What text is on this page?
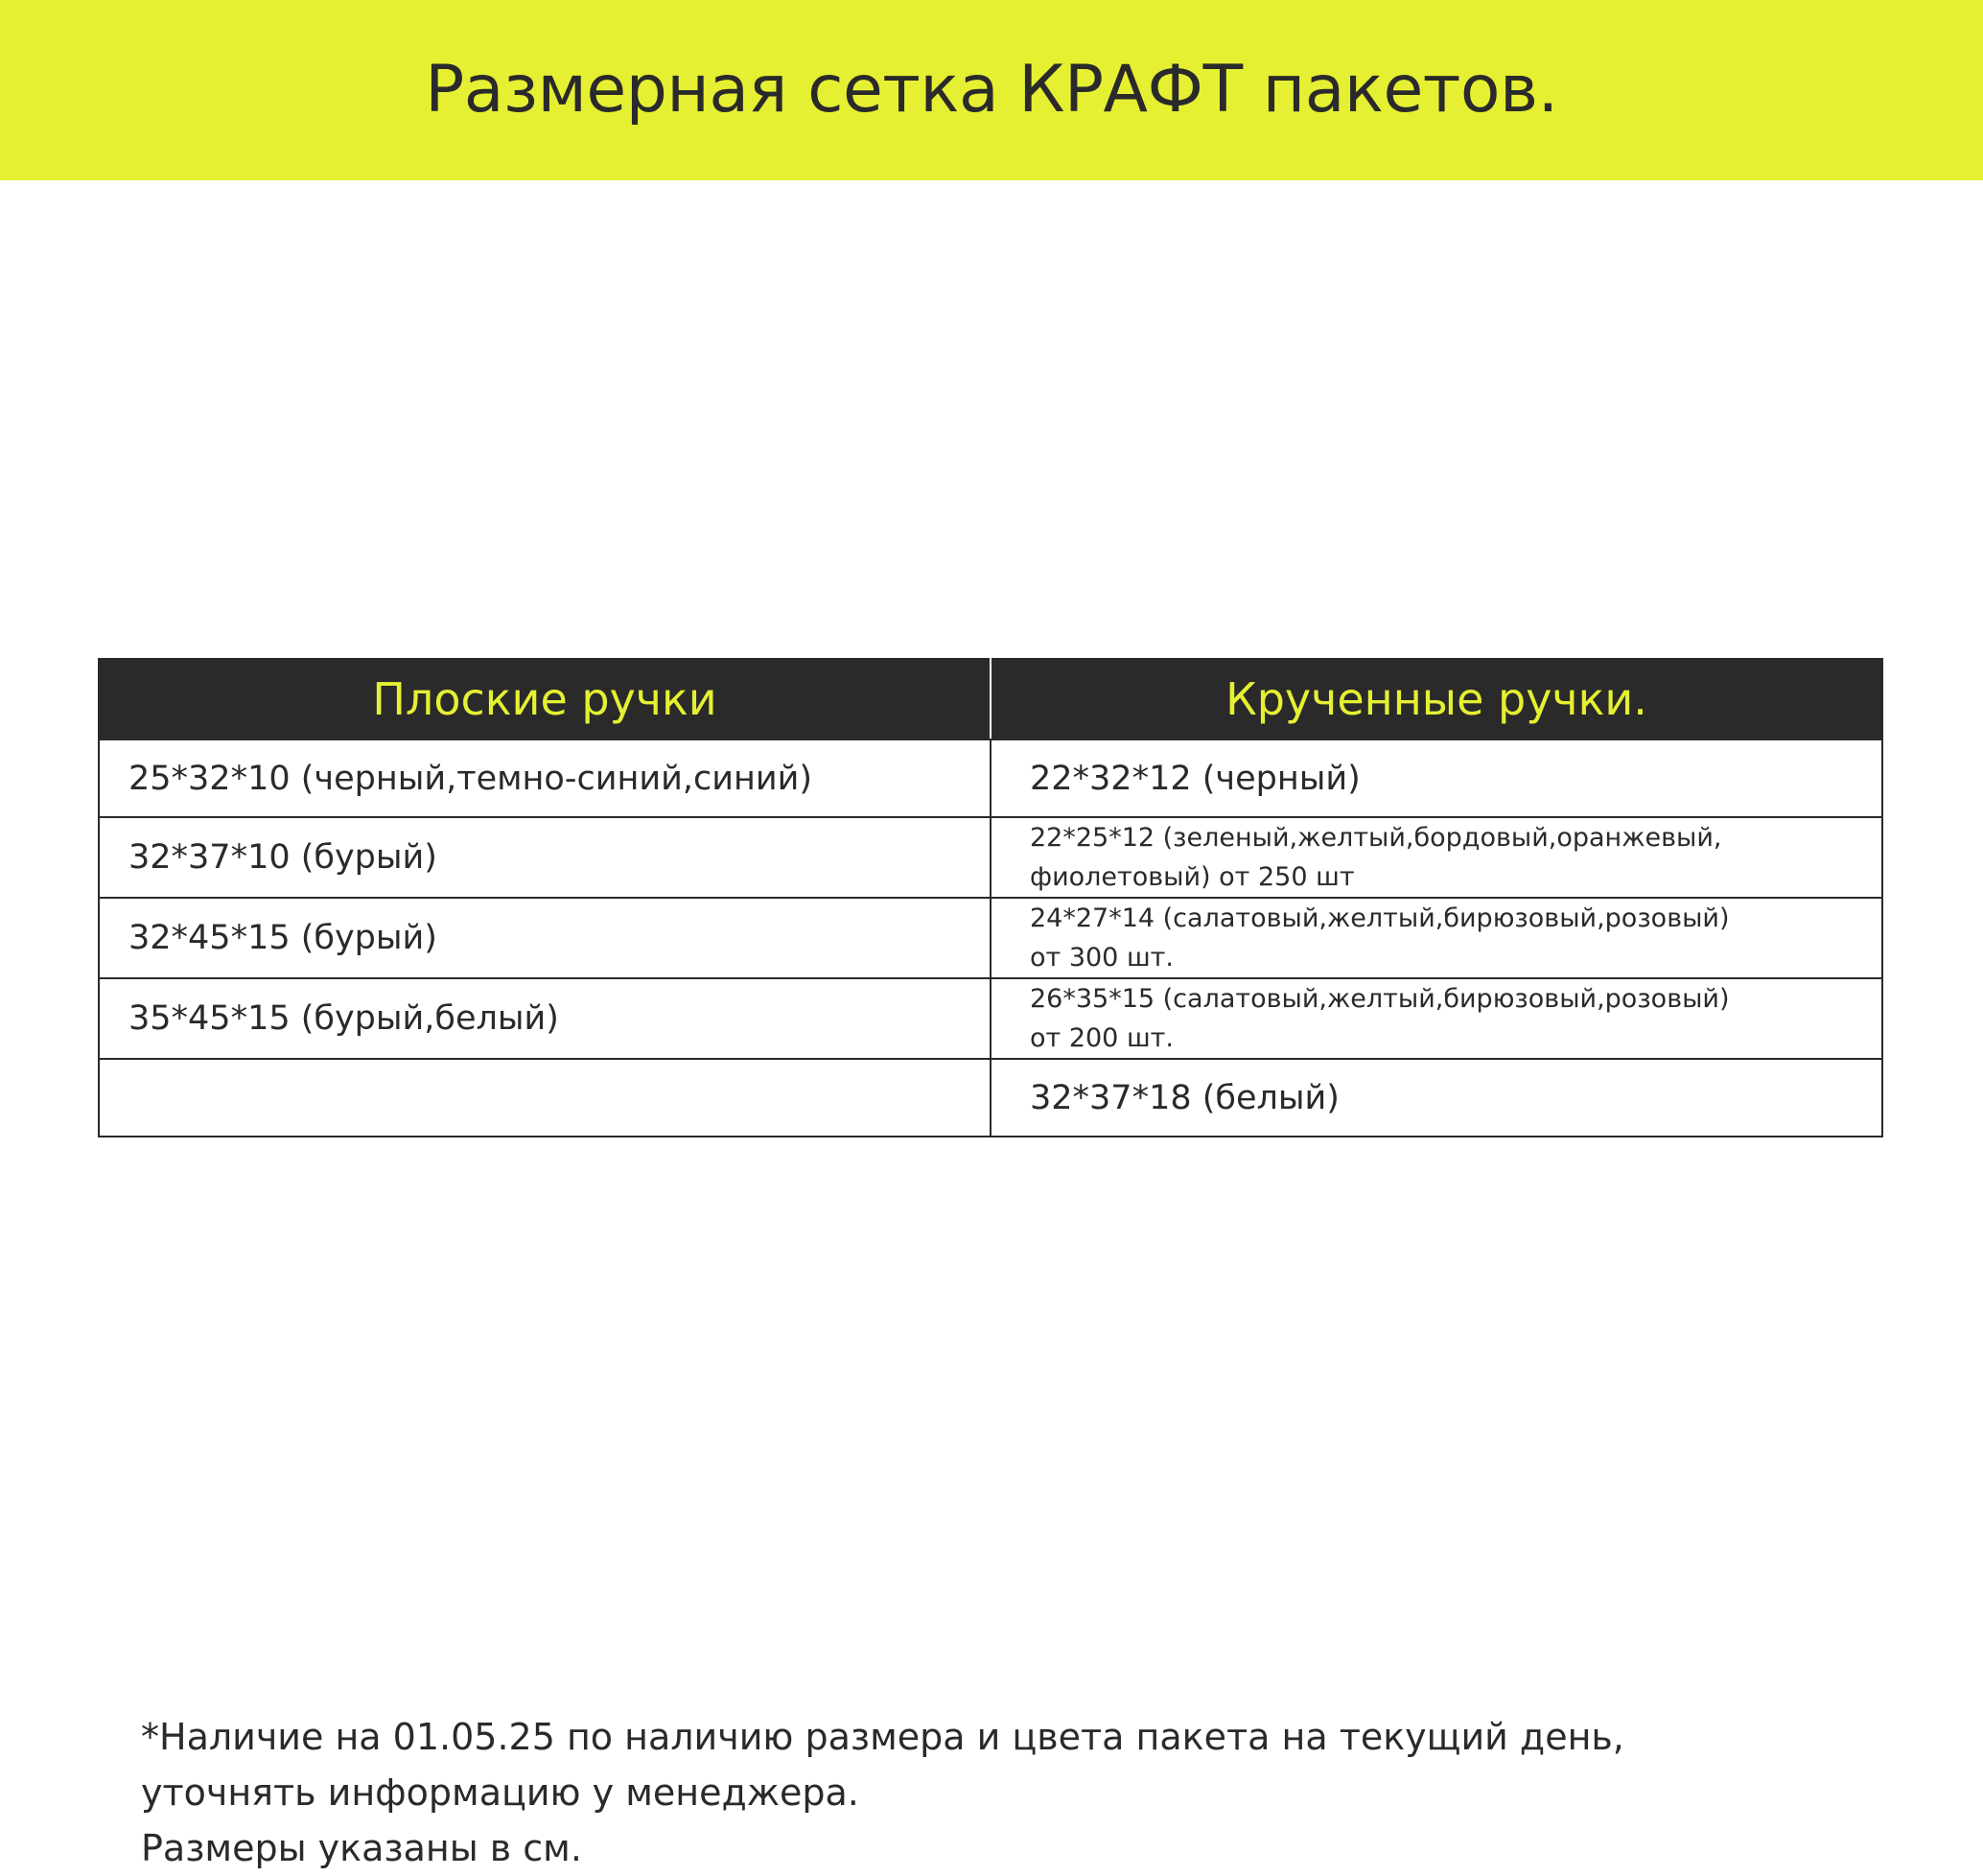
Размерная сетка КРАФТ пакетов.
Плоские ручки	Крученные ручки.
25*32*10 (черный,темно-синий,синий)	22*32*12 (черный)

32*37*10 (бурый)	22*25*12 (зеленый,желтый,бордовый,оранжевый,
фиолетовый) от 250 шт

32*45*15 (бурый)	24*27*14 (салатовый,желтый,бирюзовый,розовый)
от 300 шт.

35*45*15 (бурый,белый)	26*35*15 (салатовый,желтый,бирюзовый,розовый)
от 200 шт.

	32*37*18 (белый)
*Наличие на 01.05.25 по наличию размера и цвета пакета на текущий день,
уточнять информацию у менеджера.
Размеры указаны в см.
